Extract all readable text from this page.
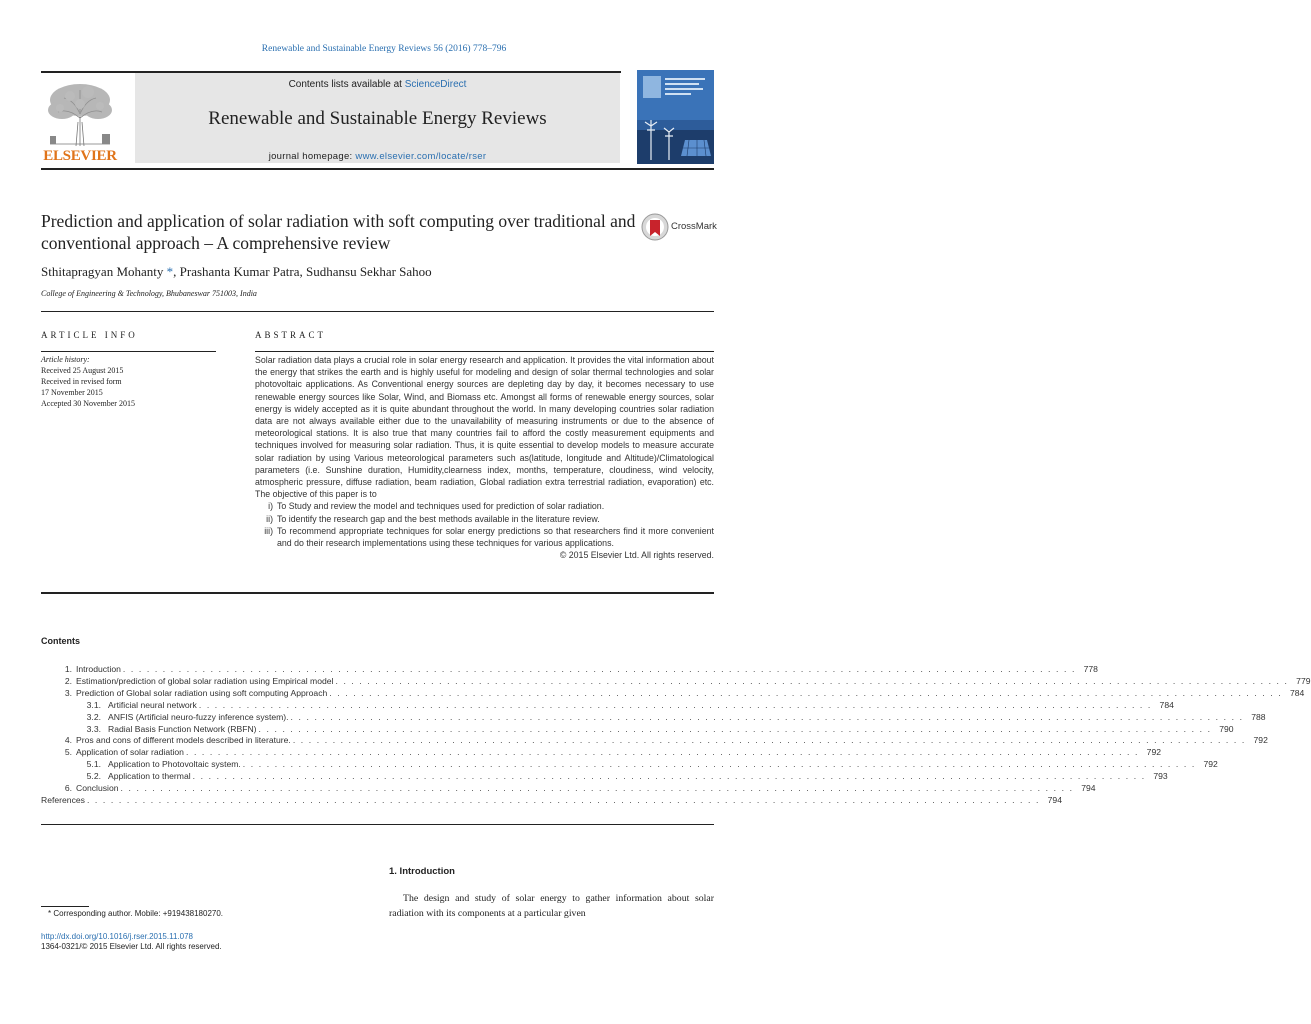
Renewable and Sustainable Energy Reviews 56 (2016) 778–796
ELSEVIER
Contents lists available at ScienceDirect
Renewable and Sustainable Energy Reviews
journal homepage: www.elsevier.com/locate/rser
Prediction and application of solar radiation with soft computing over traditional and conventional approach – A comprehensive review
CrossMark
Sthitapragyan Mohanty *, Prashanta Kumar Patra, Sudhansu Sekhar Sahoo
College of Engineering & Technology, Bhubaneswar 751003, India
ARTICLE INFO	ABSTRACT
Article history:
Received 25 August 2015
Received in revised form
17 November 2015
Accepted 30 November 2015
Solar radiation data plays a crucial role in solar energy research and application. It provides the vital information about the energy that strikes the earth and is highly useful for modeling and design of solar thermal technologies and solar photovoltaic applications. As Conventional energy sources are depleting day by day, it becomes necessary to use renewable energy sources like Solar, Wind, and Biomass etc. Amongst all forms of renewable energy sources, solar energy is widely accepted as it is quite abundant throughout the world. In many developing countries solar radiation data are not always available either due to the unavailability of measuring instruments or due to the absence of meteorological stations. It is also true that many countries fail to afford the costly measurement equipments and techniques involved for measuring solar radiation. Thus, it is quite essential to develop models to measure accurate solar radiation by using Various meteorological parameters such as(latitude, longitude and Altitude)/Climatological parameters (i.e. Sunshine duration, Humidity,clearness index, months, temperature, cloudiness, wind velocity, atmospheric pressure, diffuse radiation, beam radiation, Global radiation extra terrestrial radiation, evaporation) etc. The objective of this paper is to
i) To Study and review the model and techniques used for prediction of solar radiation.
ii) To identify the research gap and the best methods available in the literature review.
iii) To recommend appropriate techniques for solar energy predictions so that researchers find it more convenient and do their research implementations using these techniques for various applications.
© 2015 Elsevier Ltd. All rights reserved.
Contents
1. Introduction . . . . . . . . . . . . . . . . . . . . . . . . . . . . . . . . . . . . . . . . . . . . . . . . . . . . . . . . . . . . . . . . . . . . . . . . . . . . . . . . . . . . . . . . . . . . . . . . . . . . . . . . . . . . . . . . . . . . . . . . 778
2. Estimation/prediction of global solar radiation using Empirical model . . . . . . . . . . . . . . . . . . . . . . . . . . . . . . . . . . . . . . . . . . . . . . . . . . . . . . . . . . . . . . . . . . . . . . . . . . . . . . . . . . . . . . . . . . . . . . . . . . . . . . . . . . . . . . . . . . . . . . . . 779
3. Prediction of Global solar radiation using soft computing Approach . . . . . . . . . . . . . . . . . . . . . . . . . . . . . . . . . . . . . . . . . . . . . . . . . . . . . . . . . . . . . . . . . . . . . . . . . . . . . . . . . . . . . . . . . . . . . . . . . . . . . . . . . . . . . . . . . . . . . . . . 784
3.1. Artificial neural network . . . . . . . . . . . . . . . . . . . . . . . . . . . . . . . . . . . . . . . . . . . . . . . . . . . . . . . . . . . . . . . . . . . . . . . . . . . . . . . . . . . . . . . . . . . . . . . . . . . . . . . . . . . . . . . . . . . . . . . . 784
3.2. ANFIS (Artificial neuro-fuzzy inference system). . . . . . . . . . . . . . . . . . . . . . . . . . . . . . . . . . . . . . . . . . . . . . . . . . . . . . . . . . . . . . . . . . . . . . . . . . . . . . . . . . . . . . . . . . . . . . . . . . . . . . . . . . . . . . . . . . . . . . . . . 788
3.3. Radial Basis Function Network (RBFN) . . . . . . . . . . . . . . . . . . . . . . . . . . . . . . . . . . . . . . . . . . . . . . . . . . . . . . . . . . . . . . . . . . . . . . . . . . . . . . . . . . . . . . . . . . . . . . . . . . . . . . . . . . . . . . . . . . . . . . . . 790
4. Pros and cons of different models described in literature. . . . . . . . . . . . . . . . . . . . . . . . . . . . . . . . . . . . . . . . . . . . . . . . . . . . . . . . . . . . . . . . . . . . . . . . . . . . . . . . . . . . . . . . . . . . . . . . . . . . . . . . . . . . . . . . . . . . . . . . . 792
5. Application of solar radiation . . . . . . . . . . . . . . . . . . . . . . . . . . . . . . . . . . . . . . . . . . . . . . . . . . . . . . . . . . . . . . . . . . . . . . . . . . . . . . . . . . . . . . . . . . . . . . . . . . . . . . . . . . . . . . . . . . . . . . . . 792
5.1. Application to Photovoltaic system. . . . . . . . . . . . . . . . . . . . . . . . . . . . . . . . . . . . . . . . . . . . . . . . . . . . . . . . . . . . . . . . . . . . . . . . . . . . . . . . . . . . . . . . . . . . . . . . . . . . . . . . . . . . . . . . . . . . . . . . . 792
5.2. Application to thermal . . . . . . . . . . . . . . . . . . . . . . . . . . . . . . . . . . . . . . . . . . . . . . . . . . . . . . . . . . . . . . . . . . . . . . . . . . . . . . . . . . . . . . . . . . . . . . . . . . . . . . . . . . . . . . . . . . . . . . . . 793
6. Conclusion . . . . . . . . . . . . . . . . . . . . . . . . . . . . . . . . . . . . . . . . . . . . . . . . . . . . . . . . . . . . . . . . . . . . . . . . . . . . . . . . . . . . . . . . . . . . . . . . . . . . . . . . . . . . . . . . . . . . . . . . 794
References . . . . . . . . . . . . . . . . . . . . . . . . . . . . . . . . . . . . . . . . . . . . . . . . . . . . . . . . . . . . . . . . . . . . . . . . . . . . . . . . . . . . . . . . . . . . . . . . . . . . . . . . . . . . . . . . . . . . . . . . 794
1. Introduction
The design and study of solar energy to gather information about solar radiation with its components at a particular given
* Corresponding author. Mobile: +919438180270.
http://dx.doi.org/10.1016/j.rser.2015.11.078
1364-0321/© 2015 Elsevier Ltd. All rights reserved.
